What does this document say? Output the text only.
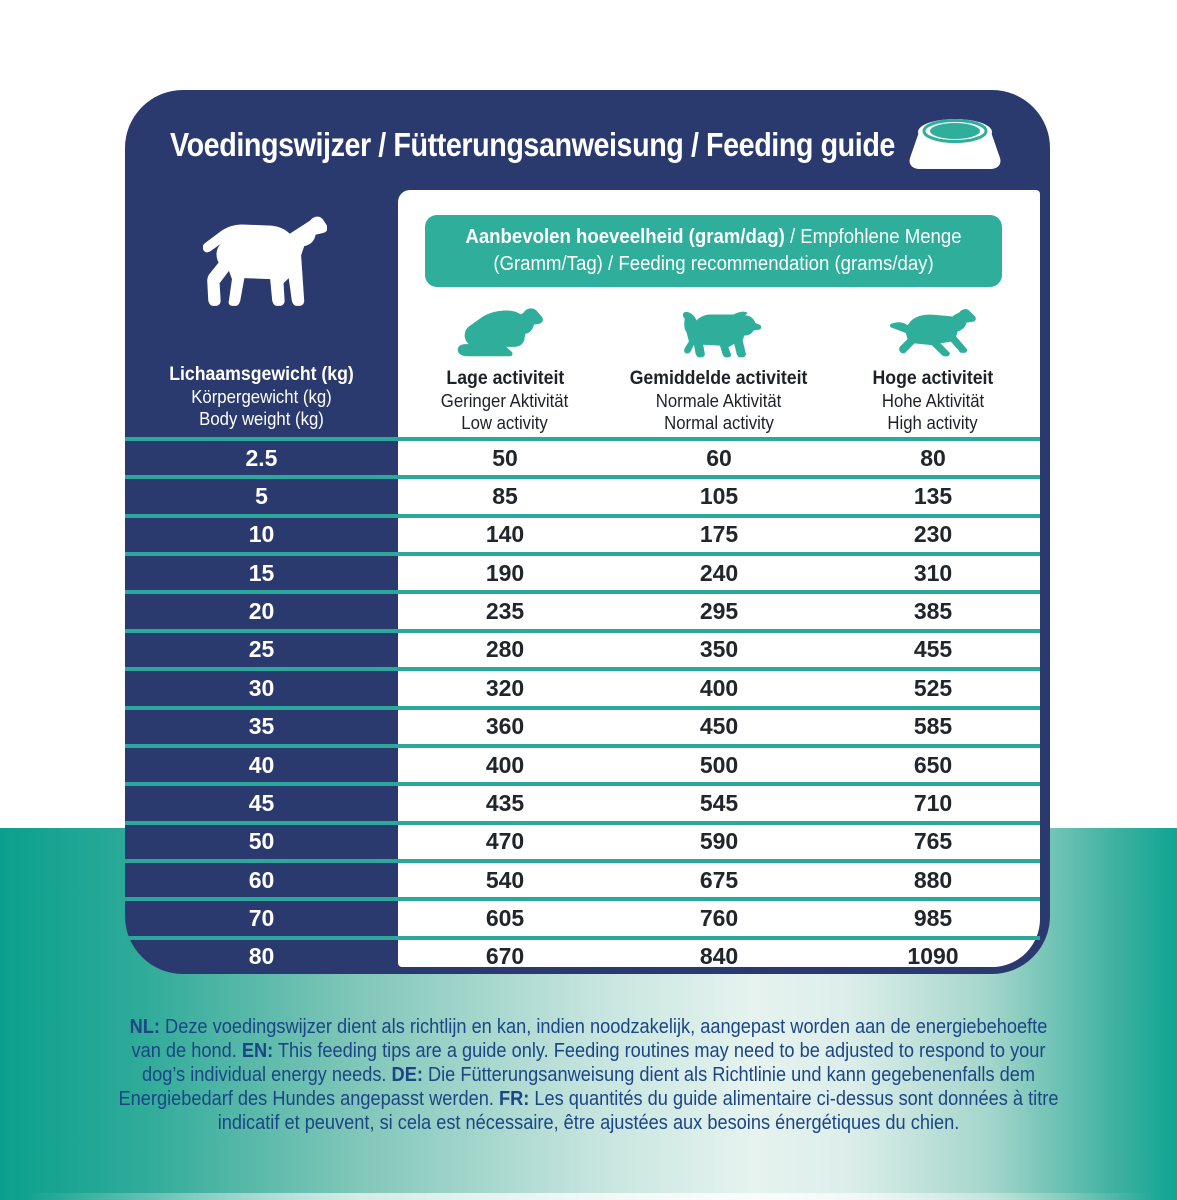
Voedingswijzer / Fütterungsanweisung / Feeding guide
Aanbevolen hoeveelheid (gram/dag) / Empfohlene Menge
(Gramm/Tag) / Feeding recommendation (grams/day)
Lage activiteit
Geringer Aktivität
Low activity
Gemiddelde activiteit
Normale Aktivität
Normal activity
Hoge activiteit
Hohe Aktivität
High activity
Lichaamsgewicht (kg)
Körpergewicht (kg)
Body weight (kg)
2.5	50	60	80
5	85	105	135
10	140	175	230
15	190	240	310
20	235	295	385
25	280	350	455
30	320	400	525
35	360	450	585
40	400	500	650
45	435	545	710
50	470	590	765
60	540	675	880
70	605	760	985
80	670	840	1090
NL: Deze voedingswijzer dient als richtlijn en kan, indien noodzakelijk, aangepast worden aan de energiebehoefte
van de hond. EN: This feeding tips are a guide only. Feeding routines may need to be adjusted to respond to your
dog’s individual energy needs. DE: Die Fütterungsanweisung dient als Richtlinie und kann gegebenenfalls dem
Energiebedarf des Hundes angepasst werden. FR: Les quantités du guide alimentaire ci-dessus sont données à titre
indicatif et peuvent, si cela est nécessaire, être ajustées aux besoins énergétiques du chien.
